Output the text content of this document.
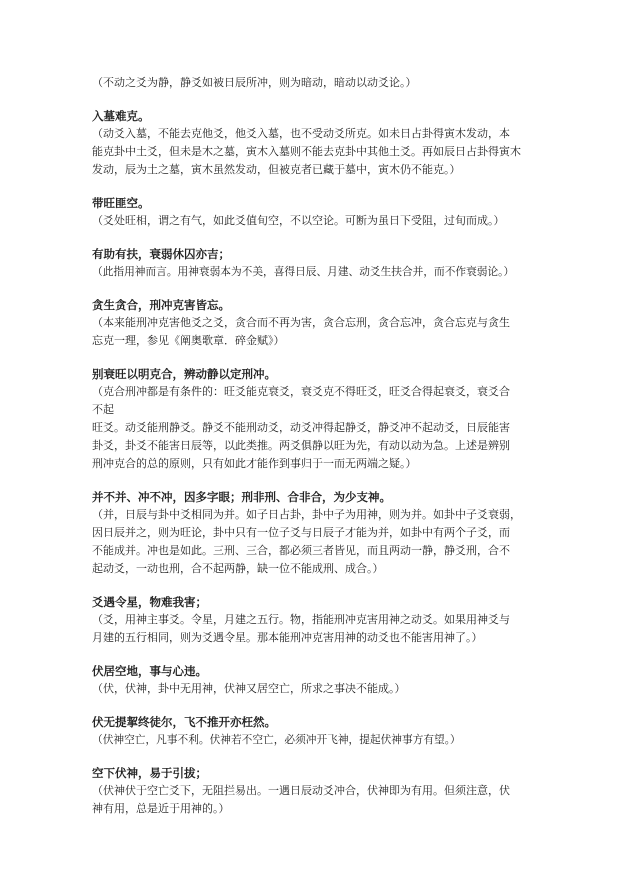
（不动之爻为静，静爻如被日辰所冲，则为暗动，暗动以动爻论。）

入墓难克。

（动爻入墓，不能去克他爻，他爻入墓，也不受动爻所克。如未日占卦得寅木发动，本

能克卦中土爻，但未是木之墓，寅木入墓则不能去克卦中其他土爻。再如辰日占卦得寅木

发动，辰为土之墓，寅木虽然发动，但被克者已藏于墓中，寅木仍不能克。）

带旺匪空。

（爻处旺相，谓之有气，如此爻值旬空，不以空论。可断为虽日下受阻，过旬而成。）

有助有扶，衰弱休囚亦吉；

（此指用神而言。用神衰弱本为不美，喜得日辰、月建、动爻生扶合并，而不作衰弱论。）

贪生贪合，刑冲克害皆忘。

（本来能刑冲克害他爻之爻，贪合而不再为害，贪合忘刑，贪合忘冲，贪合忘克与贪生

忘克一理，参见《阐奥歌章．碎金赋》）

别衰旺以明克合，辨动静以定刑冲。

（克合刑冲都是有条件的：旺爻能克衰爻，衰爻克不得旺爻，旺爻合得起衰爻，衰爻合

不起

旺爻。动爻能刑静爻。静爻不能刑动爻，动爻冲得起静爻，静爻冲不起动爻，日辰能害

卦爻，卦爻不能害日辰等，以此类推。两爻俱静以旺为先，有动以动为急。上述是辨别

刑冲克合的总的原则，只有如此才能作到事归于一而无两端之疑。）

并不并、冲不冲，因多字眼；刑非刑、合非合，为少支神。

（并，日辰与卦中爻相同为并。如子日占卦，卦中子为用神，则为并。如卦中子爻衰弱，

因日辰并之，则为旺论，卦中只有一位子爻与日辰子才能为并，如卦中有两个子爻，而

不能成并。冲也是如此。三刑、三合，都必须三者皆见，而且两动一静，静爻刑，合不

起动爻，一动也刑，合不起两静，缺一位不能成刑、成合。）

爻遇令星，物难我害；

（爻，用神主事爻。令星，月建之五行。物，指能刑冲克害用神之动爻。如果用神爻与

月建的五行相同，则为爻遇令星。那本能刑冲克害用神的动爻也不能害用神了。）

伏居空地，事与心违。

（伏，伏神，卦中无用神，伏神又居空亡，所求之事决不能成。）

伏无提挈终徒尔，飞不推开亦枉然。

（伏神空亡，凡事不利。伏神若不空亡，必须冲开飞神，提起伏神事方有望。）

空下伏神，易于引拔；

（伏神伏于空亡爻下，无阻拦易出。一遇日辰动爻冲合，伏神即为有用。但须注意，伏

神有用，总是近于用神的。）
